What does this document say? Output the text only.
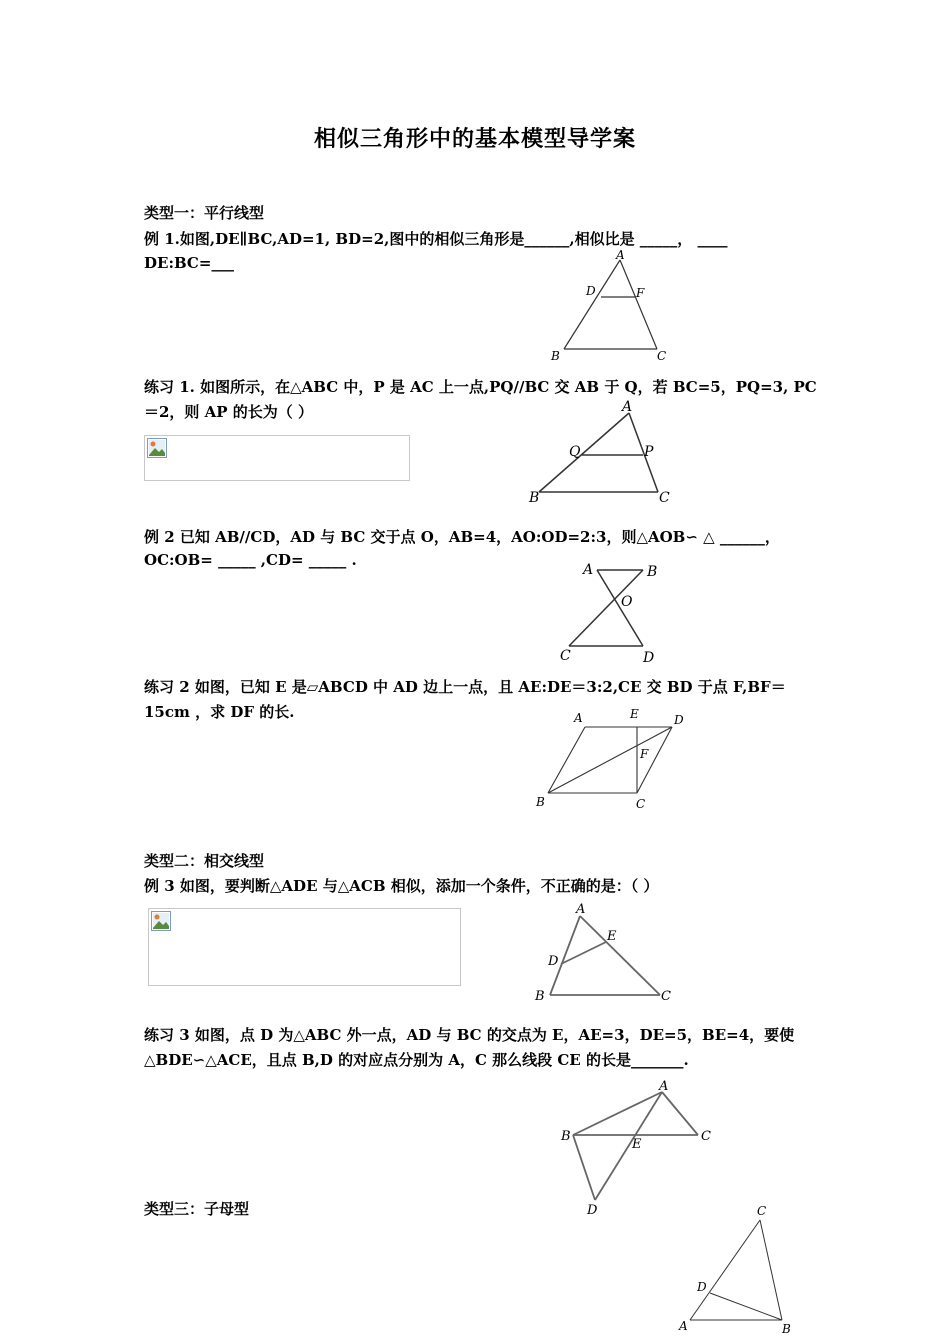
相似三角形中的基本模型导学案
类型一：平行线型
例 1.如图,DE∥BC,AD=1, BD=2,图中的相似三角形是______,相似比是 _____， ____
DE:BC=___	A
D	F
B	C
练习 1. 如图所示，在△ABC 中，P 是 AC 上一点,PQ//BC 交 AB 于 Q，若 BC=5，PQ=3, PC
＝2，则 AP 的长为（ ）	A
Q	P
B	C
例 2 已知 AB//CD，AD 与 BC 交于点 O，AB=4，AO:OD=2:3，则△AOB∽ △ ______，
OC:OB= _____ ,CD= _____ .
A	B
O
C	D
练习 2 如图，已知 E 是▱ABCD 中 AD 边上一点，且 AE:DE＝3:2,CE 交 BD 于点 F,BF＝
15cm ，求 DF 的长.	A	E	D
F
B	C
类型二：相交线型
例 3 如图，要判断△ADE 与△ACB 相似，添加一个条件，不正确的是：（ ）
A
E
D
B	C
练习 3 如图，点 D 为△ABC 外一点，AD 与 BC 的交点为 E，AE=3，DE=5，BE=4，要使
△BDE∽△ACE，且点 B,D 的对应点分别为 A，C 那么线段 CE 的长是_______.
A
B
E
C
D
类型三：子母型	C
D
A	B
